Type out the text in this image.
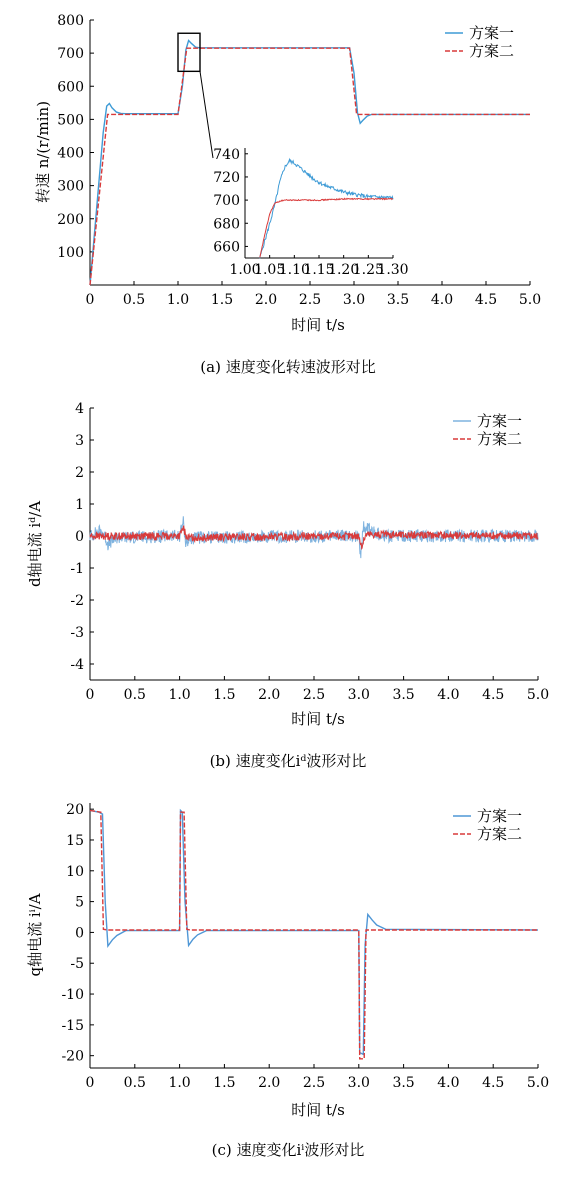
0 0.5 1.0 1.5 2.0 2.5 3.0 3.5 4.0 4.5 5.0
100
200
300
400
500
600
700
800
方案一
方案二
时间 t/s
转速 n/(r/min)
(a) 速度变化转速波形对比
1.00
1.05
1.10
1.15
1.20
1.25
1.30
660
680
700
720
740
0 0.5 1.0 1.5 2.0 2.5 3.0 3.5 4.0 4.5 5.0
-4
-3
-2
-1
0
1
2
3
4
方案一
方案二
时间 t/s
d轴电流 iᵈ/A
(b) 速度变化iᵈ波形对比
0 0.5 1.0 1.5 2.0 2.5 3.0 3.5 4.0 4.5 5.0
-20
-15
-10
-5
0
5
10
15
20	方案一
方案二
时间 t/s
q轴电流 iⁱ/A
(c) 速度变化iⁱ波形对比
